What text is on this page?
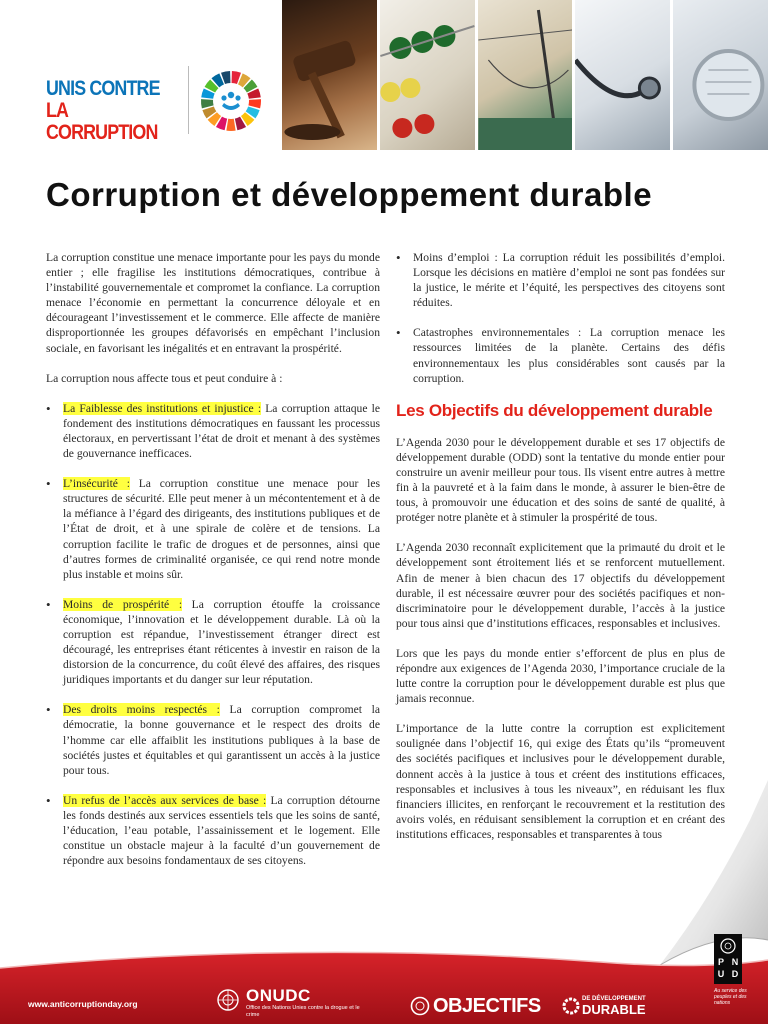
UNIS CONTRE
LA CORRUPTION
Corruption et développement durable

La corruption constitue une menace importante pour les pays du monde entier ; elle fragilise les institutions démocratiques, contribue à l’instabilité gouvernementale et compromet la confiance. La corruption menace l’économie en permettant la concurrence déloyale et en décourageant l’investissement et le commerce. Elle affecte de manière disproportionnée les groupes défavorisés en empêchant l’inclusion sociale, en favorisant les inégalités et en entravant la prospérité.

La corruption nous affecte tous et peut conduire à :

• La Faiblesse des institutions et injustice : La corruption attaque le fondement des institutions démocratiques en faussant les processus électoraux, en pervertissant l’état de droit et menant à des systèmes de gouvernance inefficaces.
• L’insécurité : La corruption constitue une menace pour les structures de sécurité. Elle peut mener à un mécontentement et à de la méfiance à l’égard des dirigeants, des institutions publiques et de l’État de droit, et à une spirale de colère et de tensions. La corruption facilite le trafic de drogues et de personnes, ainsi que d’autres formes de criminalité organisée, ce qui rend notre monde plus instable et moins sûr.
• Moins de prospérité : La corruption étouffe la croissance économique, l’innovation et le développement durable. Là où la corruption est répandue, l’investissement étranger direct est découragé, les entreprises étant réticentes à investir en raison de la distorsion de la concurrence, du coût élevé des affaires, des risques juridiques importants et du danger sur leur réputation.
• Des droits moins respectés : La corruption compromet la démocratie, la bonne gouvernance et le respect des droits de l’homme car elle affaiblit les institutions publiques à la base de sociétés justes et équitables et qui garantissent un accès à la justice pour tous.
• Un refus de l’accès aux services de base : La corruption détourne les fonds destinés aux services essentiels tels que les soins de santé, l’éducation, l’eau potable, l’assainissement et le logement. Elle constitue un obstacle majeur à la faculté d’un gouvernement de répondre aux besoins fondamentaux de ses citoyens.
• Moins d’emploi : La corruption réduit les possibilités d’emploi. Lorsque les décisions en matière d’emploi ne sont pas fondées sur la justice, le mérite et l’équité, les perspectives des citoyens sont réduites.
• Catastrophes environnementales : La corruption menace les ressources limitées de la planète. Certains des défis environnementaux les plus considérables sont causés par la corruption.
Les Objectifs du développement durable

L’Agenda 2030 pour le développement durable et ses 17 objectifs de développement durable (ODD) sont la tentative du monde entier pour construire un avenir meilleur pour tous. Ils visent entre autres à mettre fin à la pauvreté et à la faim dans le monde, à assurer le bien-être de tous, à promouvoir une éducation et des soins de santé de qualité, à protéger notre planète et à stimuler la prospérité de tous.

L’Agenda 2030 reconnaît explicitement que la primauté du droit et le développement sont étroitement liés et se renforcent mutuellement. Afin de mener à bien chacun des 17 objectifs du développement durable, il est nécessaire œuvrer pour des sociétés pacifiques et non-discriminatoire pour le développement durable, l’accès à la justice pour tous ainsi que d’institutions efficaces, responsables et inclusives.

Lors que les pays du monde entier s’efforcent de plus en plus de répondre aux exigences de l’Agenda 2030, l’importance cruciale de la lutte contre la corruption pour le développement durable est plus que jamais reconnue.

L’importance de la lutte contre la corruption est explicitement soulignée dans l’objectif 16, qui exige des États qu’ils “promeuvent des sociétés pacifiques et inclusives pour le développement durable, donnent accès à la justice à tous et créent des institutions efficaces, responsables et inclusives à tous les niveaux”, en réduisant les flux financiers illicites, en renforçant le recouvrement et la restitution des avoirs volés, en réduisant sensiblement la corruption et en créant des institutions efficaces, responsables et transparentes à tous

www.anticorruptionday.org	ONUDC
Office des Nations Unies contre la drogue et le crime	OBJECTIFS	DE DÉVELOPPEMENT
DURABLE
P N
U D
Au service des peuples et des nations
